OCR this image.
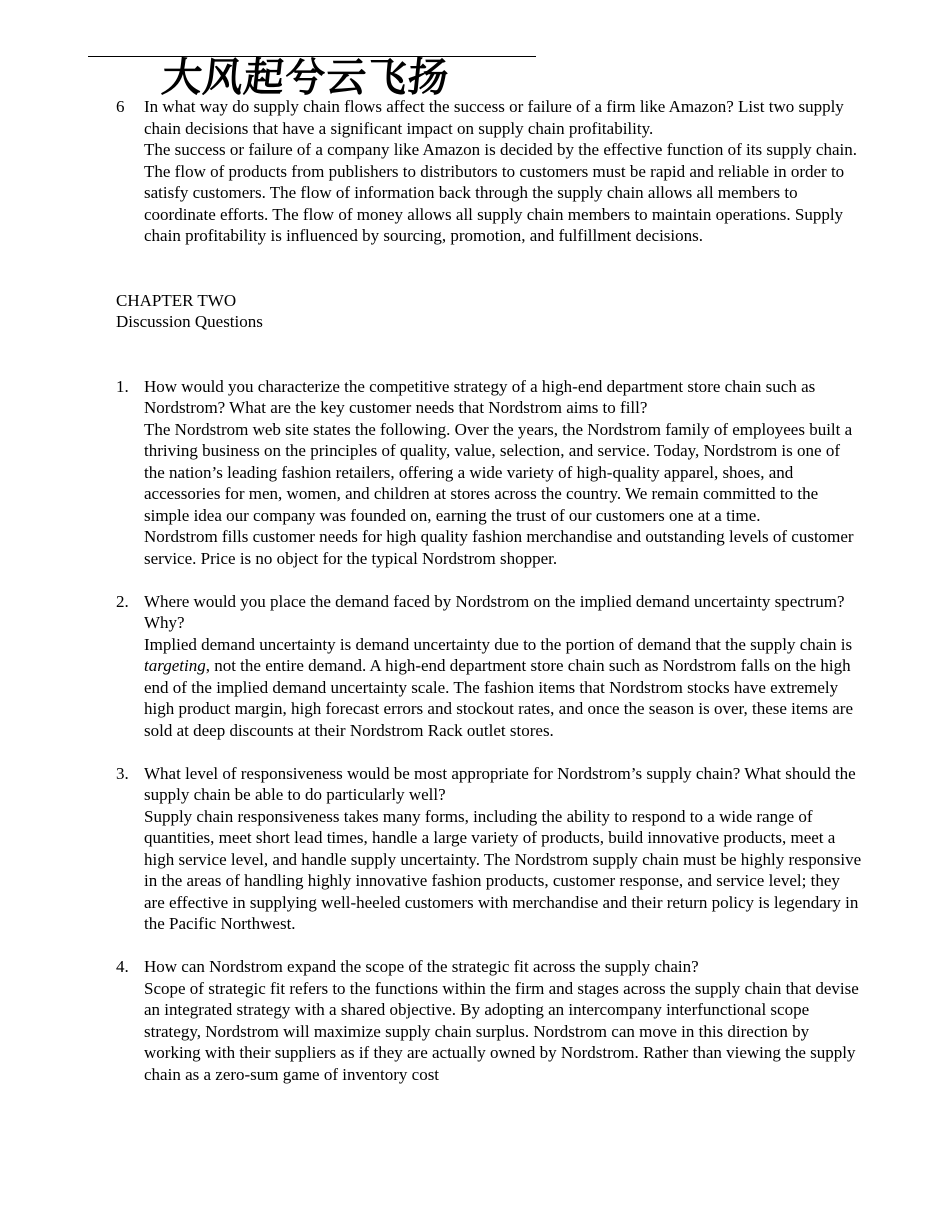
大风起兮云飞扬
6 In what way do supply chain flows affect the success or failure of a firm like Amazon? List two supply chain decisions that have a significant impact on supply chain profitability.

The success or failure of a company like Amazon is decided by the effective function of its supply chain. The flow of products from publishers to distributors to customers must be rapid and reliable in order to satisfy customers. The flow of information back through the supply chain allows all members to coordinate efforts. The flow of money allows all supply chain members to maintain operations. Supply chain profitability is influenced by sourcing, promotion, and fulfillment decisions.

CHAPTER TWO

Discussion Questions

1. How would you characterize the competitive strategy of a high-end department store chain such as Nordstrom? What are the key customer needs that Nordstrom aims to fill?

The Nordstrom web site states the following. Over the years, the Nordstrom family of employees built a thriving business on the principles of quality, value, selection, and service. Today, Nordstrom is one of the nation’s leading fashion retailers, offering a wide variety of high-quality apparel, shoes, and accessories for men, women, and children at stores across the country. We remain committed to the simple idea our company was founded on, earning the trust of our customers one at a time.

Nordstrom fills customer needs for high quality fashion merchandise and outstanding levels of customer service. Price is no object for the typical Nordstrom shopper.

2. Where would you place the demand faced by Nordstrom on the implied demand uncertainty spectrum? Why?

Implied demand uncertainty is demand uncertainty due to the portion of demand that the supply chain is targeting, not the entire demand. A high-end department store chain such as Nordstrom falls on the high end of the implied demand uncertainty scale. The fashion items that Nordstrom stocks have extremely high product margin, high forecast errors and stockout rates, and once the season is over, these items are sold at deep discounts at their Nordstrom Rack outlet stores.

3. What level of responsiveness would be most appropriate for Nordstrom’s supply chain? What should the supply chain be able to do particularly well?

Supply chain responsiveness takes many forms, including the ability to respond to a wide range of quantities, meet short lead times, handle a large variety of products, build innovative products, meet a high service level, and handle supply uncertainty. The Nordstrom supply chain must be highly responsive in the areas of handling highly innovative fashion products, customer response, and service level; they are effective in supplying well-heeled customers with merchandise and their return policy is legendary in the Pacific Northwest.

4. How can Nordstrom expand the scope of the strategic fit across the supply chain?

Scope of strategic fit refers to the functions within the firm and stages across the supply chain that devise an integrated strategy with a shared objective. By adopting an intercompany interfunctional scope strategy, Nordstrom will maximize supply chain surplus. Nordstrom can move in this direction by working with their suppliers as if they are actually owned by Nordstrom. Rather than viewing the supply chain as a zero-sum game of inventory cost
